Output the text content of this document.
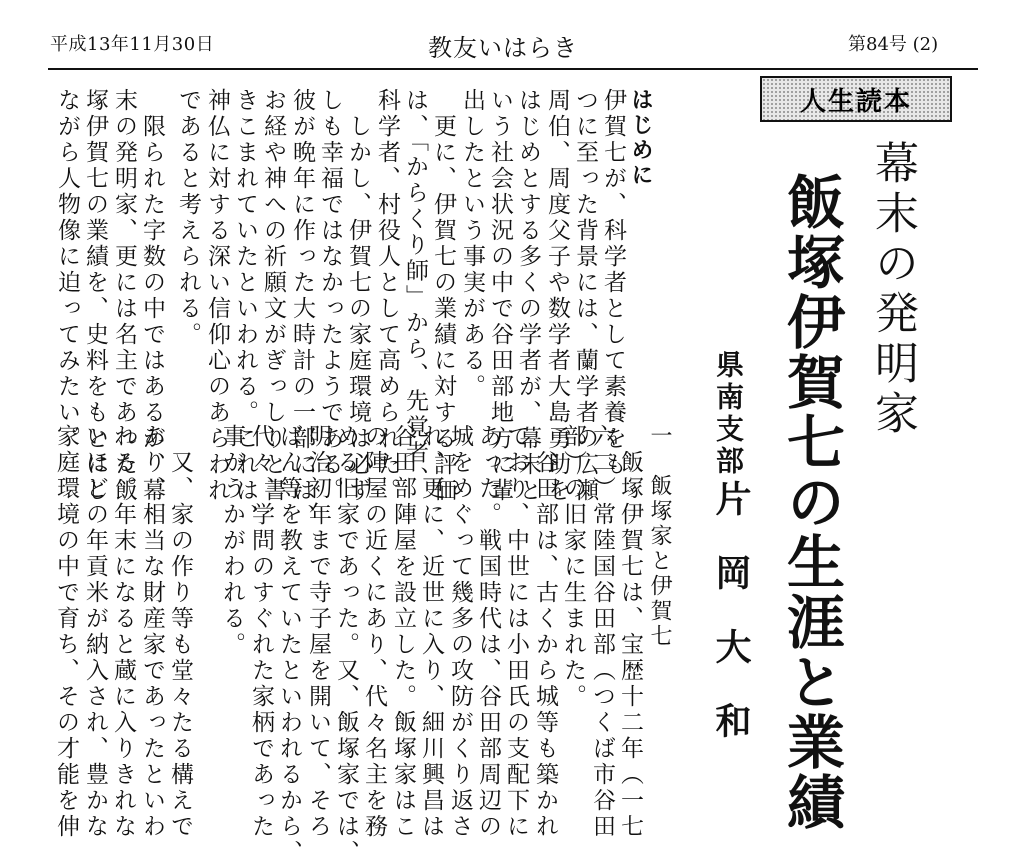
平成13年11月30日	教友いはらき	第84号 (2)
人生読本
幕末の発明家
飯塚伊賀七の生涯と業績
県南支部
片岡大和
はじめに
伊賀七が、科学者として素養をも
つに至った背景には、蘭学者の広瀬
周伯、周度父子や数学者大島勇助を
はじめとする多くの学者が、幕末と
いう社会状況の中で谷田部地方に輩
出したという事実がある。
　更に、伊賀七の業績に対する評価
は、「からくり師」から、先覚者、
科学者、村役人として高められた。
　しかし、伊賀七の家庭環境は必ず
しも幸福ではなかったようである。
彼が晩年に作った大時計の一部には、
お経や神への祈願文がぎっしりと書
きこまれていたといわれる。これは、
神仏に対する深い信仰心のあらわれ
であると考えられる。
　限られた字数の中ではあるが、幕
末の発明家、更には名主であった飯
塚伊賀七の業績を、史料をもとにし
ながら人物像に迫ってみたい。
一　飯塚家と伊賀七
　飯塚伊賀七は、宝歴十二年（一七
六二）常陸国谷田部（つくば市谷田
部）の旧家に生まれた。
　谷田部は、古くから城等も築かれ
ており、中世には小田氏の支配下に
あった。戦国時代は、谷田部周辺の
城をめぐって幾多の攻防がくり返さ
れ、更に、近世に入り、細川興昌は
谷田部陣屋を設立した。飯塚家はこ
の陣屋の近くにあり、代々名主を務
める旧家であった。又、飯塚家では、
明治初年まで寺子屋を開いて、そろ
ばん等を教えていたといわれるから、
代々、学問のすぐれた家柄であった
事がうかがわれる。
　又、家の作り等も堂々たる構えで
あり、相当な財産家であったといわ
れる。年末になると蔵に入りきれな
いほどの年貢米が納入され、豊かな
家庭環境の中で育ち、その才能を伸
